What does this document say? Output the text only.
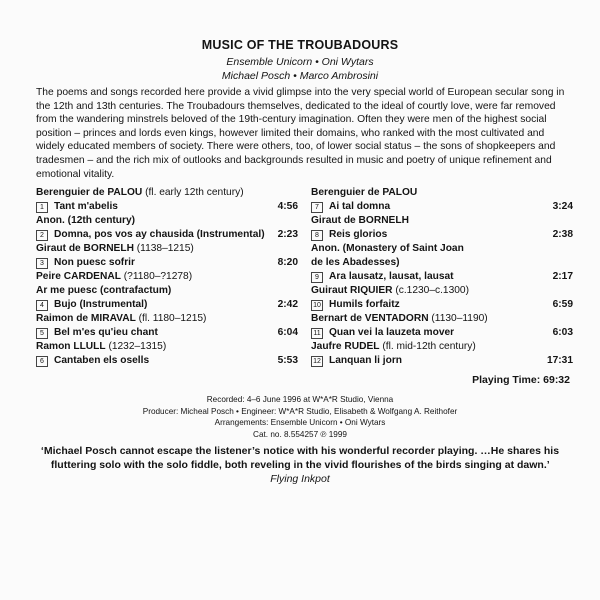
MUSIC OF THE TROUBADOURS
Ensemble Unicorn • Oni Wytars
Michael Posch • Marco Ambrosini

The poems and songs recorded here provide a vivid glimpse into the very special world of European secular song in the 12th and 13th centuries. The Troubadours themselves, dedicated to the ideal of courtly love, were far removed from the wandering minstrels beloved of the 19th-century imagination. Often they were men of the highest social position – princes and lords even kings, however limited their domains, who ranked with the most cultivated and widely educated members of society. There were others, too, of lower social status – the sons of shopkeepers and tradesmen – and the rich mix of outlooks and backgrounds resulted in music and poetry of unique refinement and emotional vitality.

Berenguier de PALOU (fl. early 12th century)
1 Tant m'abelis	4:56
Anon. (12th century)
2 Domna, pos vos ay chausida (Instrumental) 2:23
Giraut de BORNELH (1138–1215)
3 Non puesc sofrir	8:20
Peire CARDENAL (?1180–?1278)
Ar me puesc (contrafactum)
4 Bujo (Instrumental)	2:42
Raimon de MIRAVAL (fl. 1180–1215)
5 Bel m'es qu'ieu chant	6:04
Ramon LLULL (1232–1315)
6 Cantaben els osells	5:53
Berenguier de PALOU
7 Ai tal domna	3:24
Giraut de BORNELH
8 Reis glorios	2:38
Anon. (Monastery of Saint Joan
de les Abadesses)
9 Ara lausatz, lausat, lausat	2:17
Guiraut RIQUIER (c.1230–c.1300)
10 Humils forfaitz	6:59
Bernart de VENTADORN (1130–1190)
11 Quan vei la lauzeta mover	6:03
Jaufre RUDEL (fl. mid-12th century)
12 Lanquan li jorn	17:31
Playing Time: 69:32
Recorded: 4–6 June 1996 at W*A*R Studio, Vienna
Producer: Micheal Posch • Engineer: W*A*R Studio, Elisabeth & Wolfgang A. Reithofer
Arrangements: Ensemble Unicorn • Oni Wytars
Cat. no. 8.554257 ℗ 1999
‘Michael Posch cannot escape the listener’s notice with his wonderful recorder playing. …He shares his fluttering solo with the solo fiddle, both reveling in the vivid flourishes of the birds singing at dawn.’ Flying Inkpot
